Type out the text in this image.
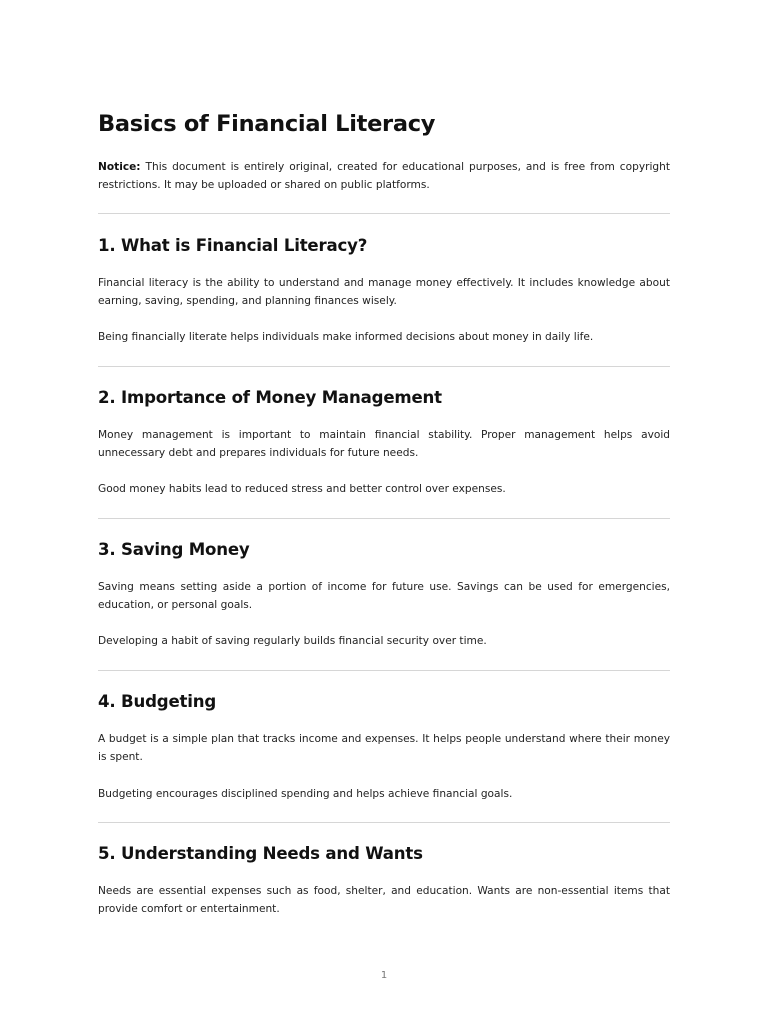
Basics of Financial Literacy

Notice: This document is entirely original, created for educational purposes, and is free from copyright restrictions. It may be uploaded or shared on public platforms.

1. What is Financial Literacy?

Financial literacy is the ability to understand and manage money effectively. It includes knowledge about earning, saving, spending, and planning finances wisely.

Being financially literate helps individuals make informed decisions about money in daily life.

2. Importance of Money Management

Money management is important to maintain financial stability. Proper management helps avoid unnecessary debt and prepares individuals for future needs.

Good money habits lead to reduced stress and better control over expenses.

3. Saving Money

Saving means setting aside a portion of income for future use. Savings can be used for emergencies, education, or personal goals.

Developing a habit of saving regularly builds financial security over time.

4. Budgeting

A budget is a simple plan that tracks income and expenses. It helps people understand where their money is spent.

Budgeting encourages disciplined spending and helps achieve financial goals.

5. Understanding Needs and Wants

Needs are essential expenses such as food, shelter, and education. Wants are non-essential items that provide comfort or entertainment.

1
